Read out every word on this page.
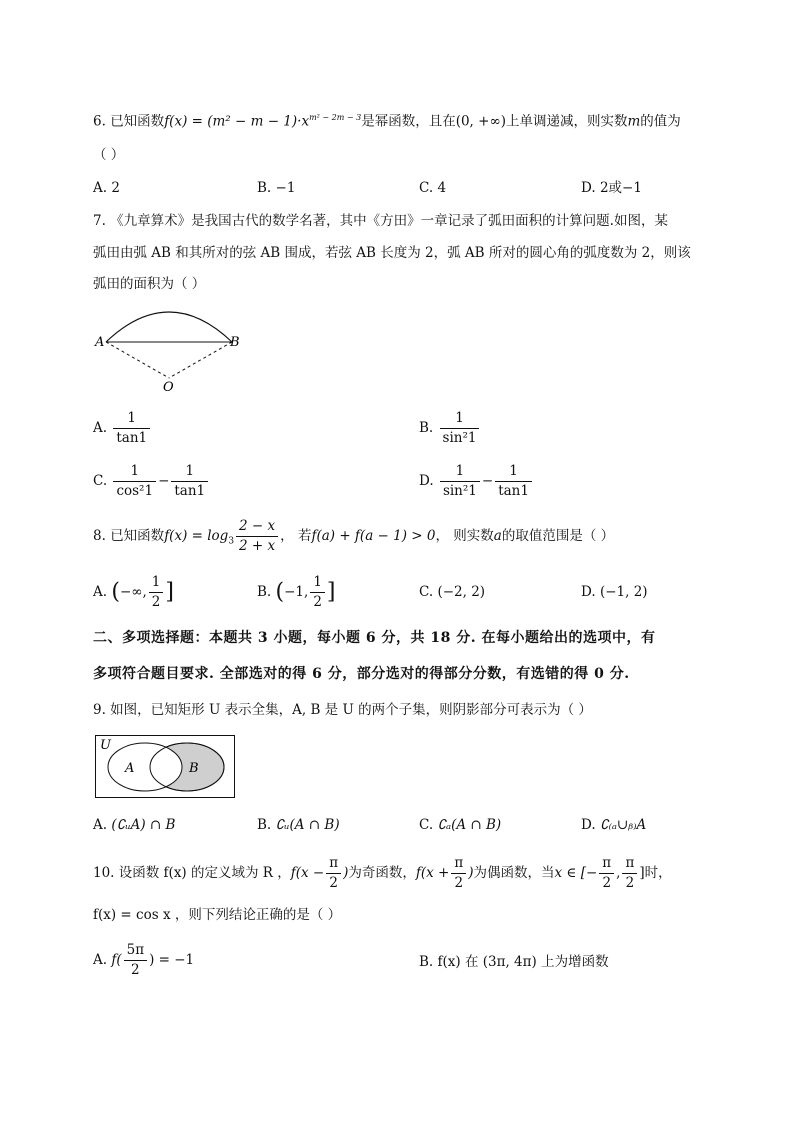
6. 已知函数$f(x) = (m^2 - m - 1)\cdot x^{m^2 - 2m - 3}$是幂函数，且在(0, +∞)上单调递减，则实数m的值为
（ ）
A. 2	B. −1	C. 4	D. 2或−1
7. 《九章算术》是我国古代的数学名著，其中《方田》一章记录了弧田面积的计算问题.如图，某
弧田由弧 AB 和其所对的弦 AB 围成，若弦 AB 长度为 2，弧 AB 所对的圆心角的弧度数为 2，则该
弧田的面积为（ ）
A	B
O
A. $\frac{1}{\tan 1}$	B. $\frac{1}{\text{sin²1}}$
C. $\frac{1}{\text{cos²1}} - \frac{1}{\tan 1}$	D. $\frac{1}{\text{sin²1}} - \frac{1}{\tan 1}$
8. 已知函数$f(x) = \log_3 \frac{2 - x}{2 + x}$ ， 若f(a) + f(a − 1) > 0， 则实数a的取值范围是（ ）
A. (−∞, $\frac{1}{2}$ ]	B. (−1, $\frac{1}{2}$ ]	C. (−2, 2)	D. (−1, 2)
二、多项选择题：本题共 3 小题，每小题 6 分，共 18 分. 在每小题给出的选项中，有
多项符合题目要求. 全部选对的得 6 分，部分选对的得部分分数，有选错的得 0 分.
9. 如图，已知矩形 U 表示全集，A, B 是 U 的两个子集，则阴影部分可表示为（ ）
U
A	B
A. (∁ᵤA) ∩ B	B. ∁ᵤ(A ∩ B)	C. ∁ₐ(A ∩ B)	D. ∁₍ₐ∪ᵦ₎A
10. 设函数 f(x) 的定义域为 R ，$f(x - \frac{\pi}{2}$ )为奇函数，$f(x + \frac{\pi}{2}$ )为偶函数，当x ∈ [− $\frac{\pi}{2}$ , $\frac{\pi}{2}$ ]时，
f(x) = cos x ，则下列结论正确的是（ ）
A. $f( \frac{5\pi}{2}$ ) = −1	B. f(x) 在 (3π, 4π) 上为增函数
